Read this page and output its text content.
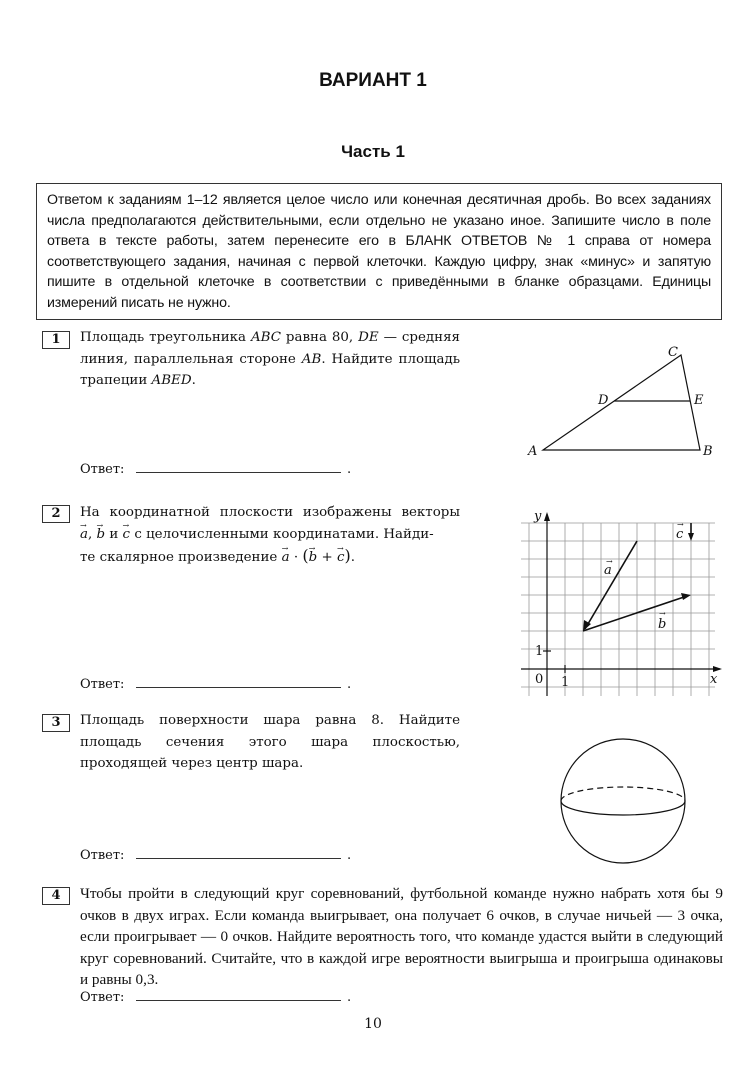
ВАРИАНТ 1
Часть 1
Ответом к заданиям 1–12 является целое число или конечная десятичная дробь. Во всех заданиях числа предполагаются действительными, если отдельно не указано иное. Запишите число в поле ответа в тексте работы, затем перенесите его в БЛАНК ОТВЕТОВ № 1 справа от номера соответствующего задания, начиная с первой клеточки. Каждую цифру, знак «минус» и запятую пишите в отдельной клеточке в соответствии с приведёнными в бланке образцами. Единицы измерений писать не нужно.
1	Площадь треугольника ABC равна 80, DE — средняя линия, параллельная стороне AB. Найдите площадь трапеции ABED.
Ответ:	.
A	B
C
D	E
2	На координатной плоскости изображены векторы
→ a, → b и → c с целочисленными координатами. Найди-
те скалярное произведение → a · (→ b + → c).
Ответ:	.
y
x
a
b
c
→
→
→
1
0 1
3	Площадь поверхности шара равна 8. Найдите площадь сечения этого шара плоскостью, проходящей через центр шара.
Ответ:	.
4	Чтобы пройти в следующий круг соревнований, футбольной команде нужно набрать хотя бы 9 очков в двух играх. Если команда выигрывает, она получает 6 очков, в случае ничьей — 3 очка, если проигрывает — 0 очков. Найдите вероятность того, что команде удастся выйти в следующий круг соревнований. Считайте, что в каждой игре вероятности выигрыша и проигрыша одинаковы и равны 0,3.
Ответ:	.
10
